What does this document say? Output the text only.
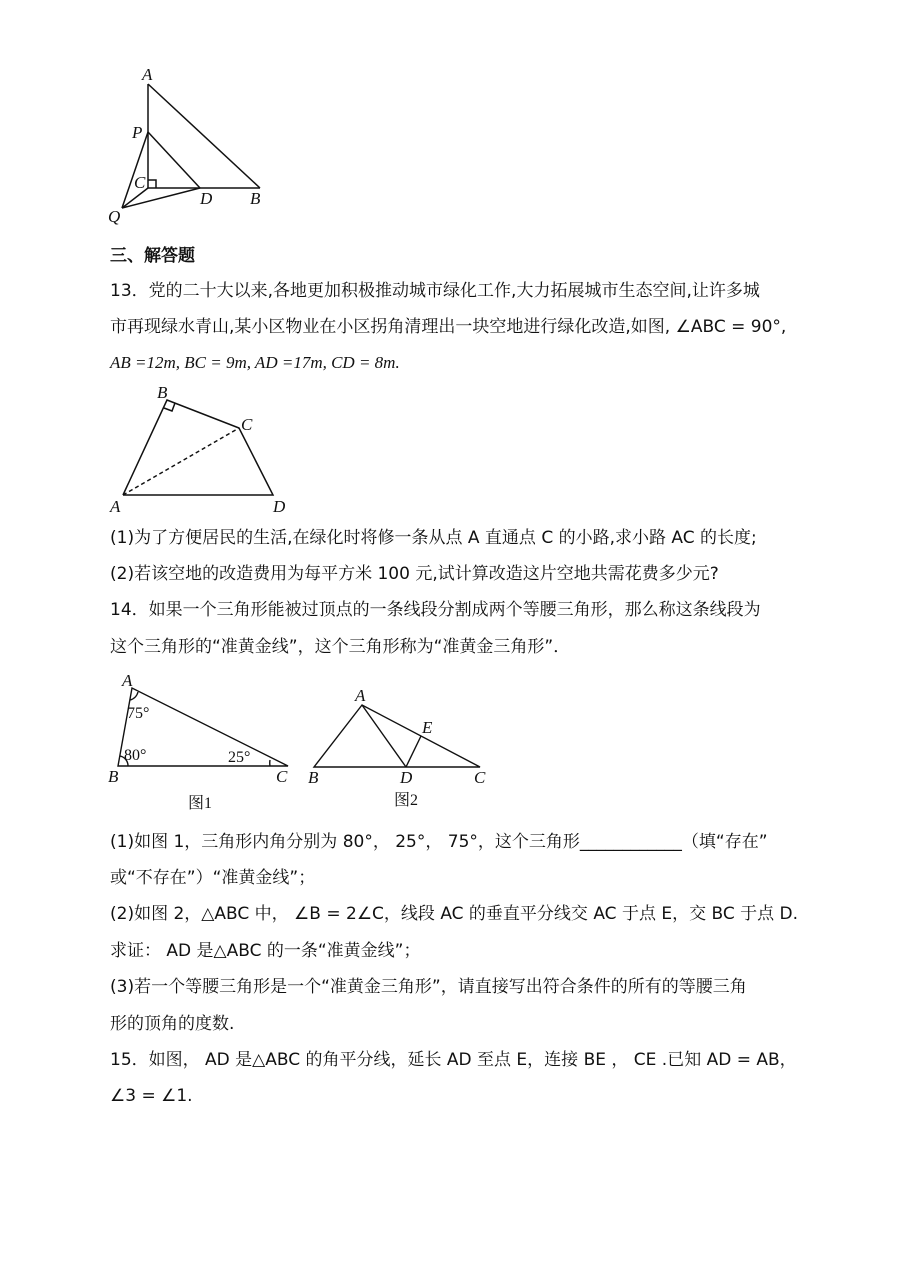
A
P
C
D B
Q
三、解答题
13．党的二十大以来,各地更加积极推动城市绿化工作,大力拓展城市生态空间,让许多城
市再现绿水青山,某小区物业在小区拐角清理出一块空地进行绿化改造,如图, ∠ABC = 90°,
AB =12m, BC = 9m, AD =17m, CD = 8m.
B
C
A	D
(1)为了方便居民的生活,在绿化时将修一条从点 A 直通点 C 的小路,求小路 AC 的长度;
(2)若该空地的改造费用为每平方米 100 元,试计算改造这片空地共需花费多少元?
14．如果一个三角形能被过顶点的一条线段分割成两个等腰三角形，那么称这条线段为
这个三角形的“准黄金线”，这个三角形称为“准黄金三角形”．
A
B	C
75°
80°	25°
图1
A
E
B	D	C
图2
(1)如图 1，三角形内角分别为 80°， 25°， 75°，这个三角形____________（填“存在”
或“不存在”）“准黄金线”；
(2)如图 2，△ABC 中， ∠B = 2∠C，线段 AC 的垂直平分线交 AC 于点 E，交 BC 于点 D.
求证： AD 是△ABC 的一条“准黄金线”；
(3)若一个等腰三角形是一个“准黄金三角形”，请直接写出符合条件的所有的等腰三角
形的顶角的度数.
15．如图， AD 是△ABC 的角平分线，延长 AD 至点 E，连接 BE ， CE .已知 AD = AB，
∠3 = ∠1.
